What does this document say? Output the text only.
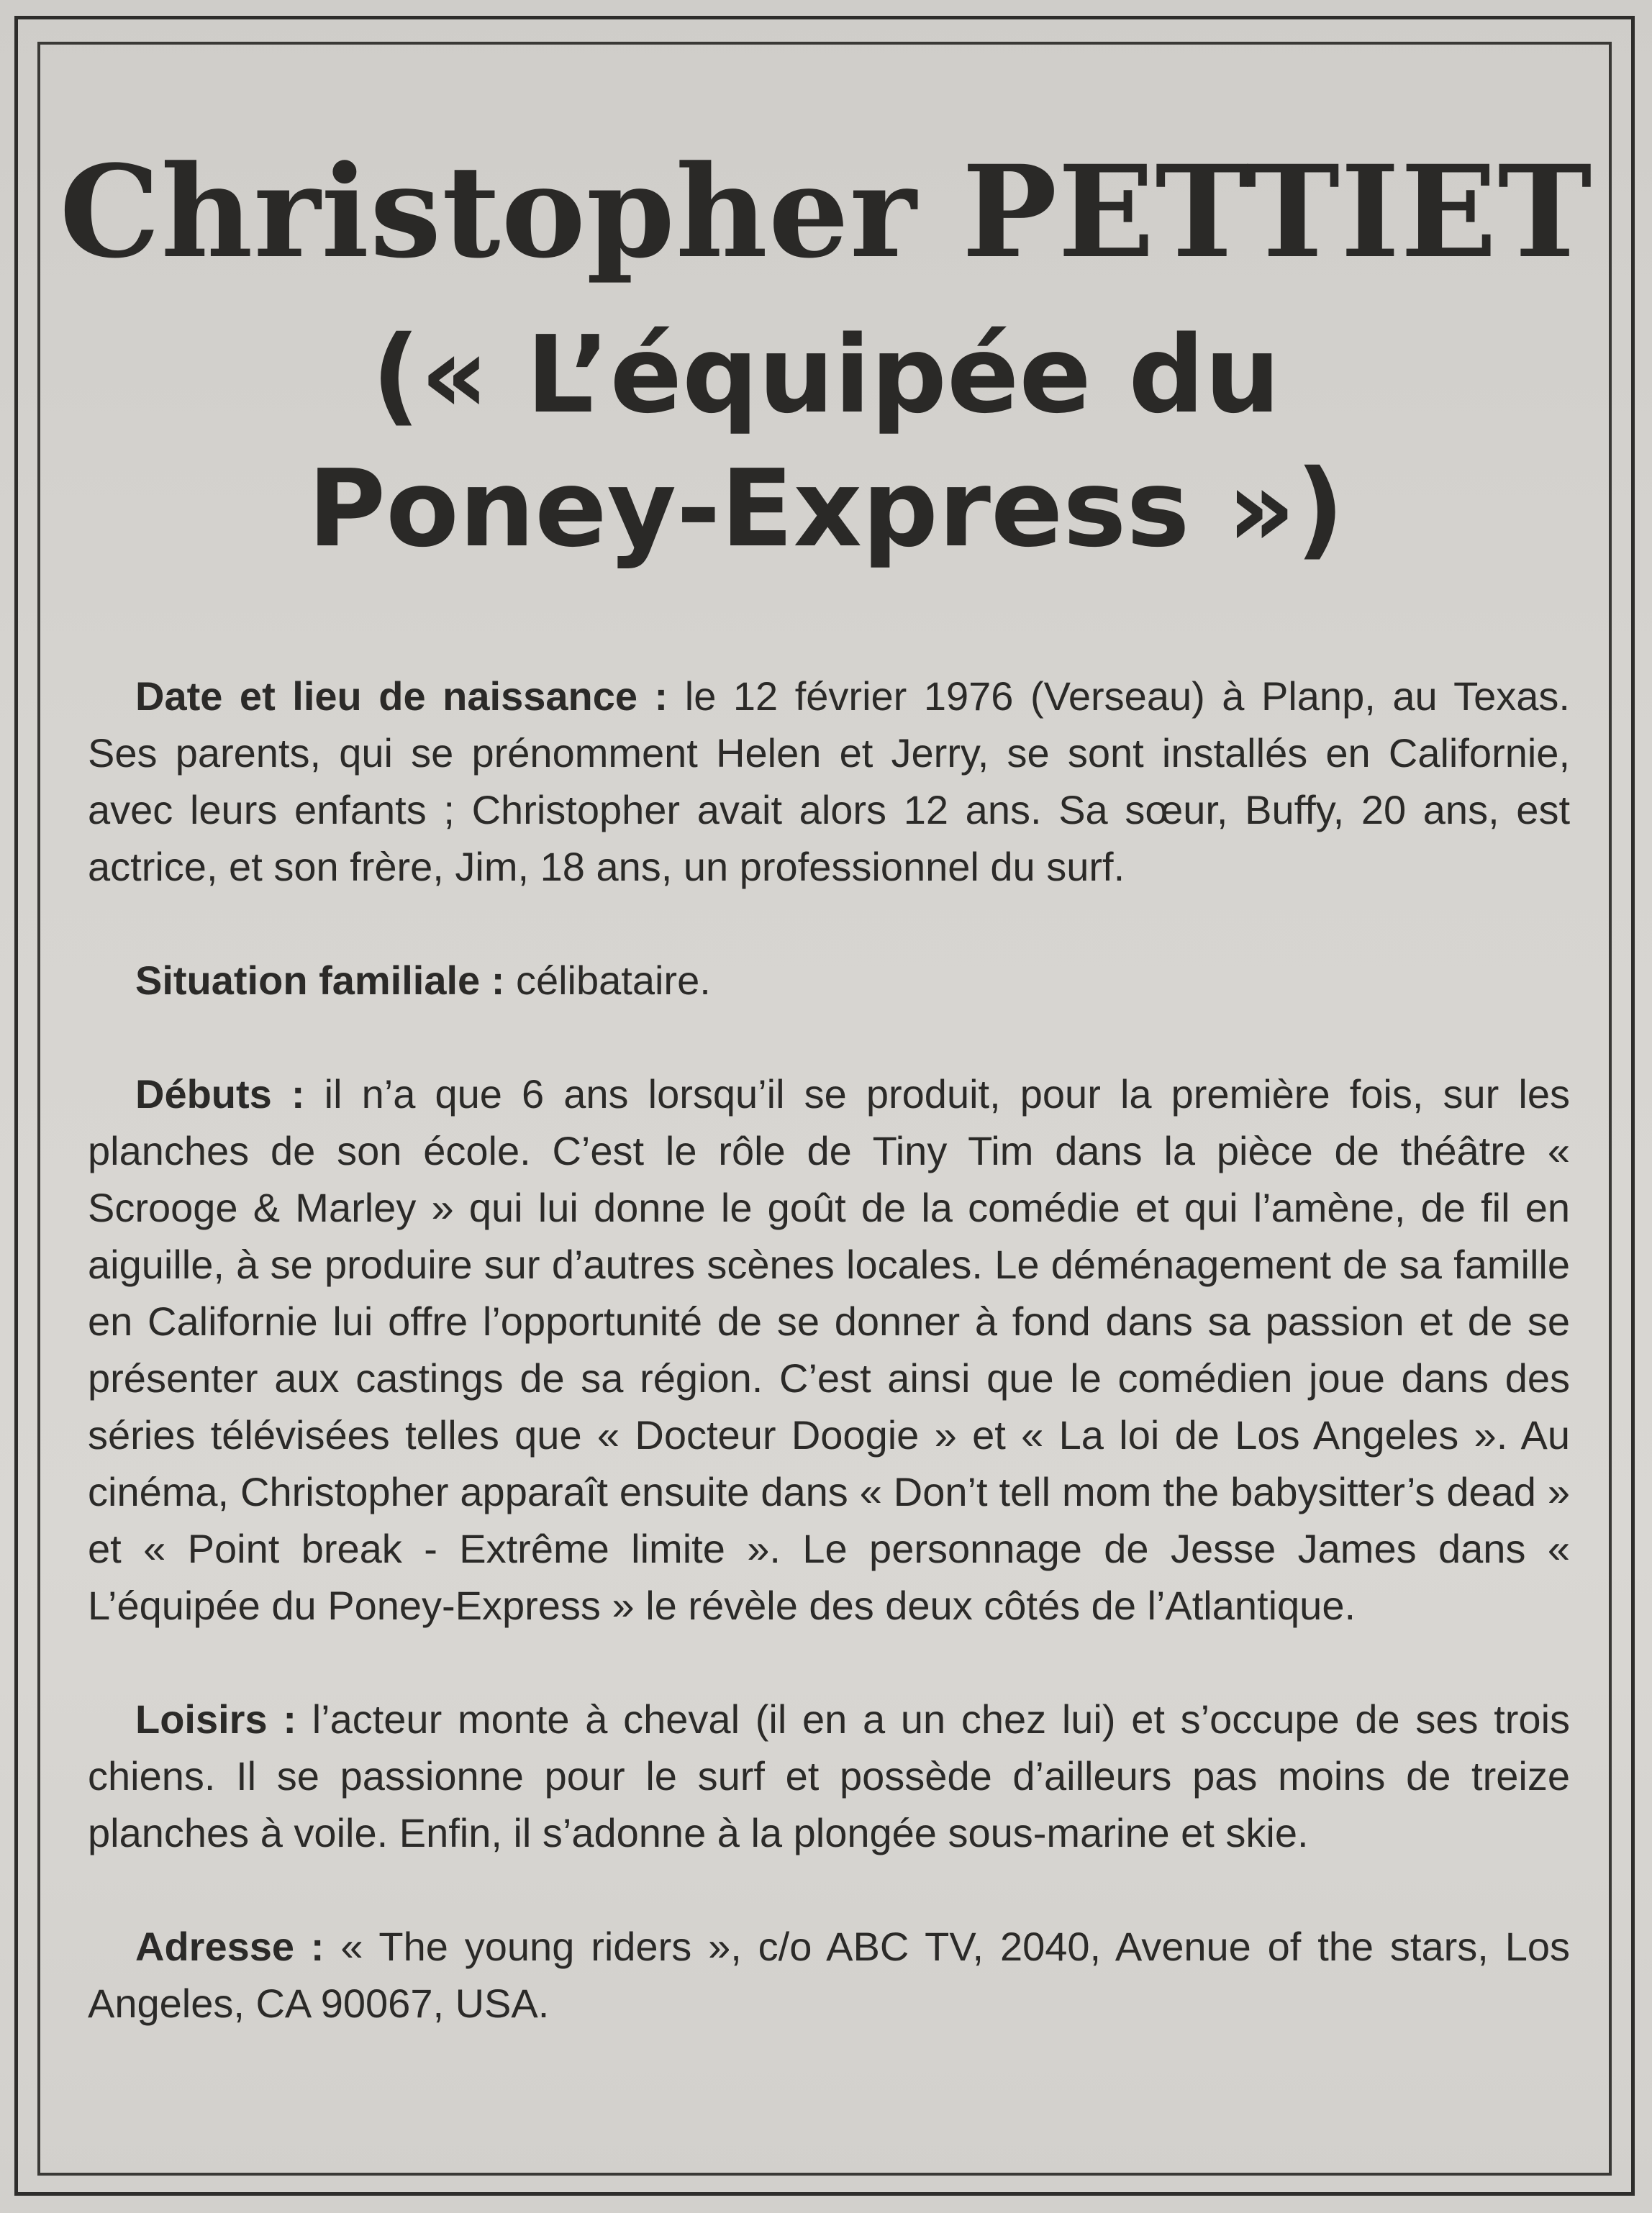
Christopher PETTIET
(« L’équipée du
Poney-Express »)

Date et lieu de naissance : le 12 février 1976 (Verseau) à Planp, au Texas. Ses parents, qui se prénomment Helen et Jerry, se sont installés en Californie, avec leurs enfants ; Christopher avait alors 12 ans. Sa sœur, Buffy, 20 ans, est actrice, et son frère, Jim, 18 ans, un professionnel du surf.

Situation familiale : célibataire.

Débuts : il n’a que 6 ans lorsqu’il se produit, pour la première fois, sur les planches de son école. C’est le rôle de Tiny Tim dans la pièce de théâtre « Scrooge & Marley » qui lui donne le goût de la comédie et qui l’amène, de fil en aiguille, à se produire sur d’autres scènes locales. Le déménagement de sa famille en Californie lui offre l’opportunité de se donner à fond dans sa passion et de se présenter aux castings de sa région. C’est ainsi que le comédien joue dans des séries télévisées telles que « Docteur Doogie » et « La loi de Los Angeles ». Au cinéma, Christopher apparaît ensuite dans « Don’t tell mom the babysitter’s dead » et « Point break - Extrême limite ». Le personnage de Jesse James dans « L’équipée du Poney-Express » le révèle des deux côtés de l’Atlantique.

Loisirs : l’acteur monte à cheval (il en a un chez lui) et s’occupe de ses trois chiens. Il se passionne pour le surf et possède d’ailleurs pas moins de treize planches à voile. Enfin, il s’adonne à la plongée sous-marine et skie.

Adresse : « The young riders », c/o ABC TV, 2040, Avenue of the stars, Los Angeles, CA 90067, USA.
